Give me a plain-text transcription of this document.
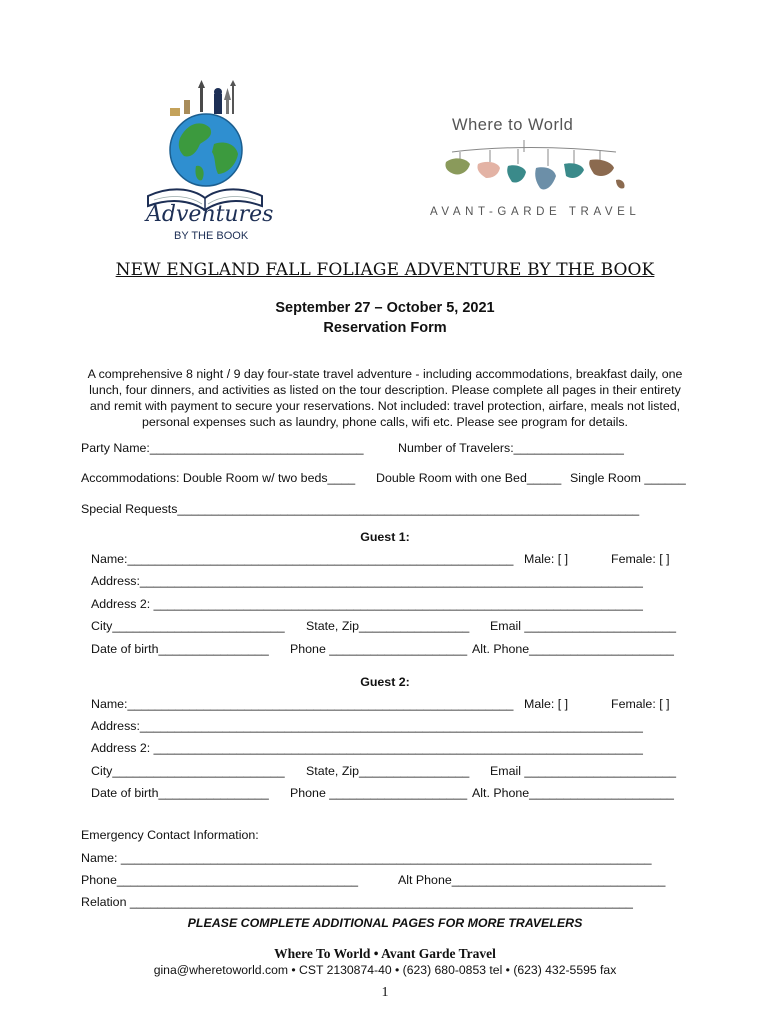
Adventures
BY THE BOOK
Where to World
AVANT-GARDE TRAVEL
NEW ENGLAND FALL FOLIAGE ADVENTURE BY THE BOOK
September 27 – October 5, 2021
Reservation Form
A comprehensive 8 night / 9 day four-state travel adventure - including accommodations, breakfast daily, one lunch, four dinners, and activities as listed on the tour description. Please complete all pages in their entirety and remit with payment to secure your reservations. Not included: travel protection, airfare, meals not listed, personal expenses such as laundry, phone calls, wifi etc. Please see program for details.
Party Name:_______________________________	Number of Travelers:________________
Accommodations: Double Room w/ two beds____ Double Room with one Bed_____ Single Room ______
Special Requests___________________________________________________________________
Guest 1:
Name:________________________________________________________ Male: [ ]	Female: [ ]
Address:_________________________________________________________________________
Address 2: _______________________________________________________________________
City_________________________ State, Zip________________ Email ______________________
Date of birth________________ Phone ____________________ Alt. Phone_____________________
Guest 2:
Name:________________________________________________________ Male: [ ]	Female: [ ]
Address:_________________________________________________________________________
Address 2: _______________________________________________________________________
City_________________________ State, Zip________________ Email ______________________
Date of birth________________ Phone ____________________ Alt. Phone_____________________
Emergency Contact Information:
Name: _____________________________________________________________________________
Phone___________________________________	Alt Phone_______________________________
Relation _________________________________________________________________________
PLEASE COMPLETE ADDITIONAL PAGES FOR MORE TRAVELERS
Where To World • Avant Garde Travel
gina@wheretoworld.com • CST 2130874-40 • (623) 680-0853 tel • (623) 432-5595 fax
1
